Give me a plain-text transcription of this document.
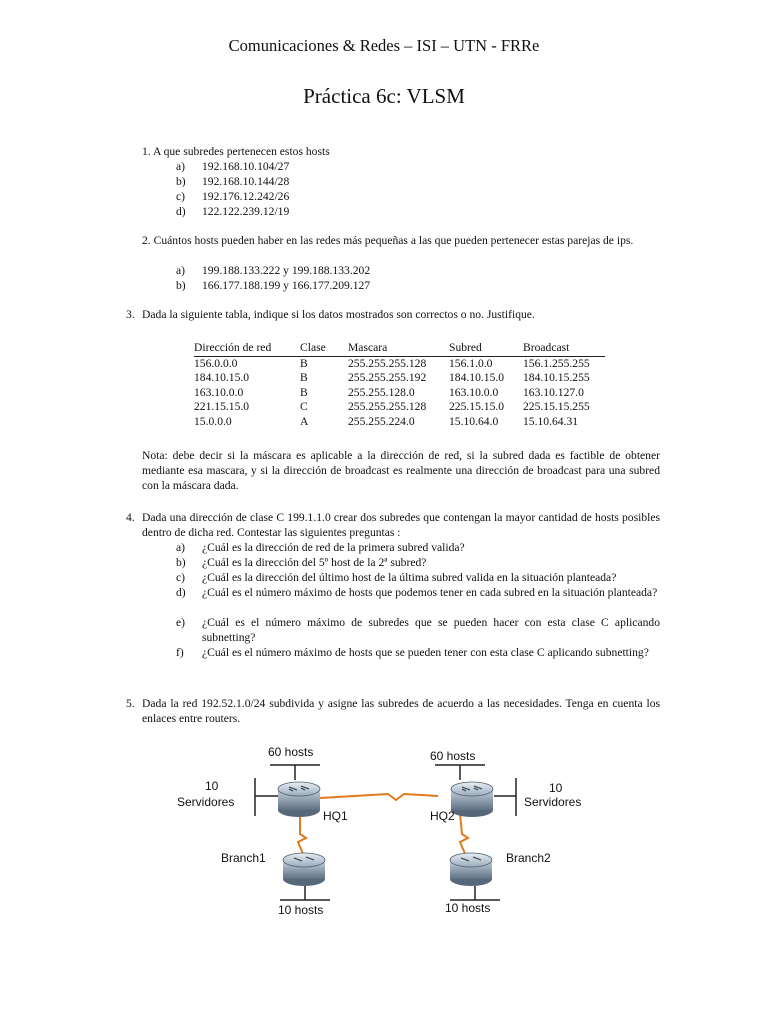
Comunicaciones & Redes – ISI – UTN - FRRe
Práctica 6c: VLSM
1. A que subredes pertenecen estos hosts
a) 192.168.10.104/27
b) 192.168.10.144/28
c) 192.176.12.242/26
d) 122.122.239.12/19
2. Cuántos hosts pueden haber en las redes más pequeñas a las que pueden pertenecer estas parejas de ips.
a) 199.188.133.222 y 199.188.133.202
b) 166.177.188.199 y 166.177.209.127
3. Dada la siguiente tabla, indique si los datos mostrados son correctos o no. Justifique.
Dirección de red	Clase	Mascara	Subred	Broadcast
156.0.0.0	B	255.255.255.128	156.1.0.0	156.1.255.255
184.10.15.0	B	255.255.255.192	184.10.15.0	184.10.15.255
163.10.0.0	B	255.255.128.0	163.10.0.0	163.10.127.0
221.15.15.0	C	255.255.255.128	225.15.15.0	225.15.15.255
15.0.0.0	A	255.255.224.0	15.10.64.0	15.10.64.31
Nota: debe decir si la máscara es aplicable a la dirección de red, si la subred dada es factible de obtener mediante esa mascara, y si la dirección de broadcast es realmente una dirección de broadcast para una subred con la máscara dada.
4. Dada una dirección de clase C 199.1.1.0 crear dos subredes que contengan la mayor cantidad de hosts posibles dentro de dicha red. Contestar las siguientes preguntas :
a) ¿Cuál es la dirección de red de la primera subred valida?
b) ¿Cuál es la dirección del 5º host de la 2ª subred?
c) ¿Cuál es la dirección del último host de la última subred valida en la situación planteada?
d)	¿Cuál es el número máximo de hosts que podemos tener en cada subred en la situación planteada?
e)	¿Cuál es el número máximo de subredes que se pueden hacer con esta clase C aplicando subnetting?
f)	¿Cuál es el número máximo de hosts que se pueden tener con esta clase C aplicando subnetting?
5. Dada la red 192.52.1.0/24 subdivida y asigne las subredes de acuerdo a las necesidades. Tenga en cuenta los enlaces entre routers.
60 hosts	60 hosts
10
Servidores
10
Servidores
HQ1	HQ2
Branch1	Branch2
10 hosts	10 hosts
